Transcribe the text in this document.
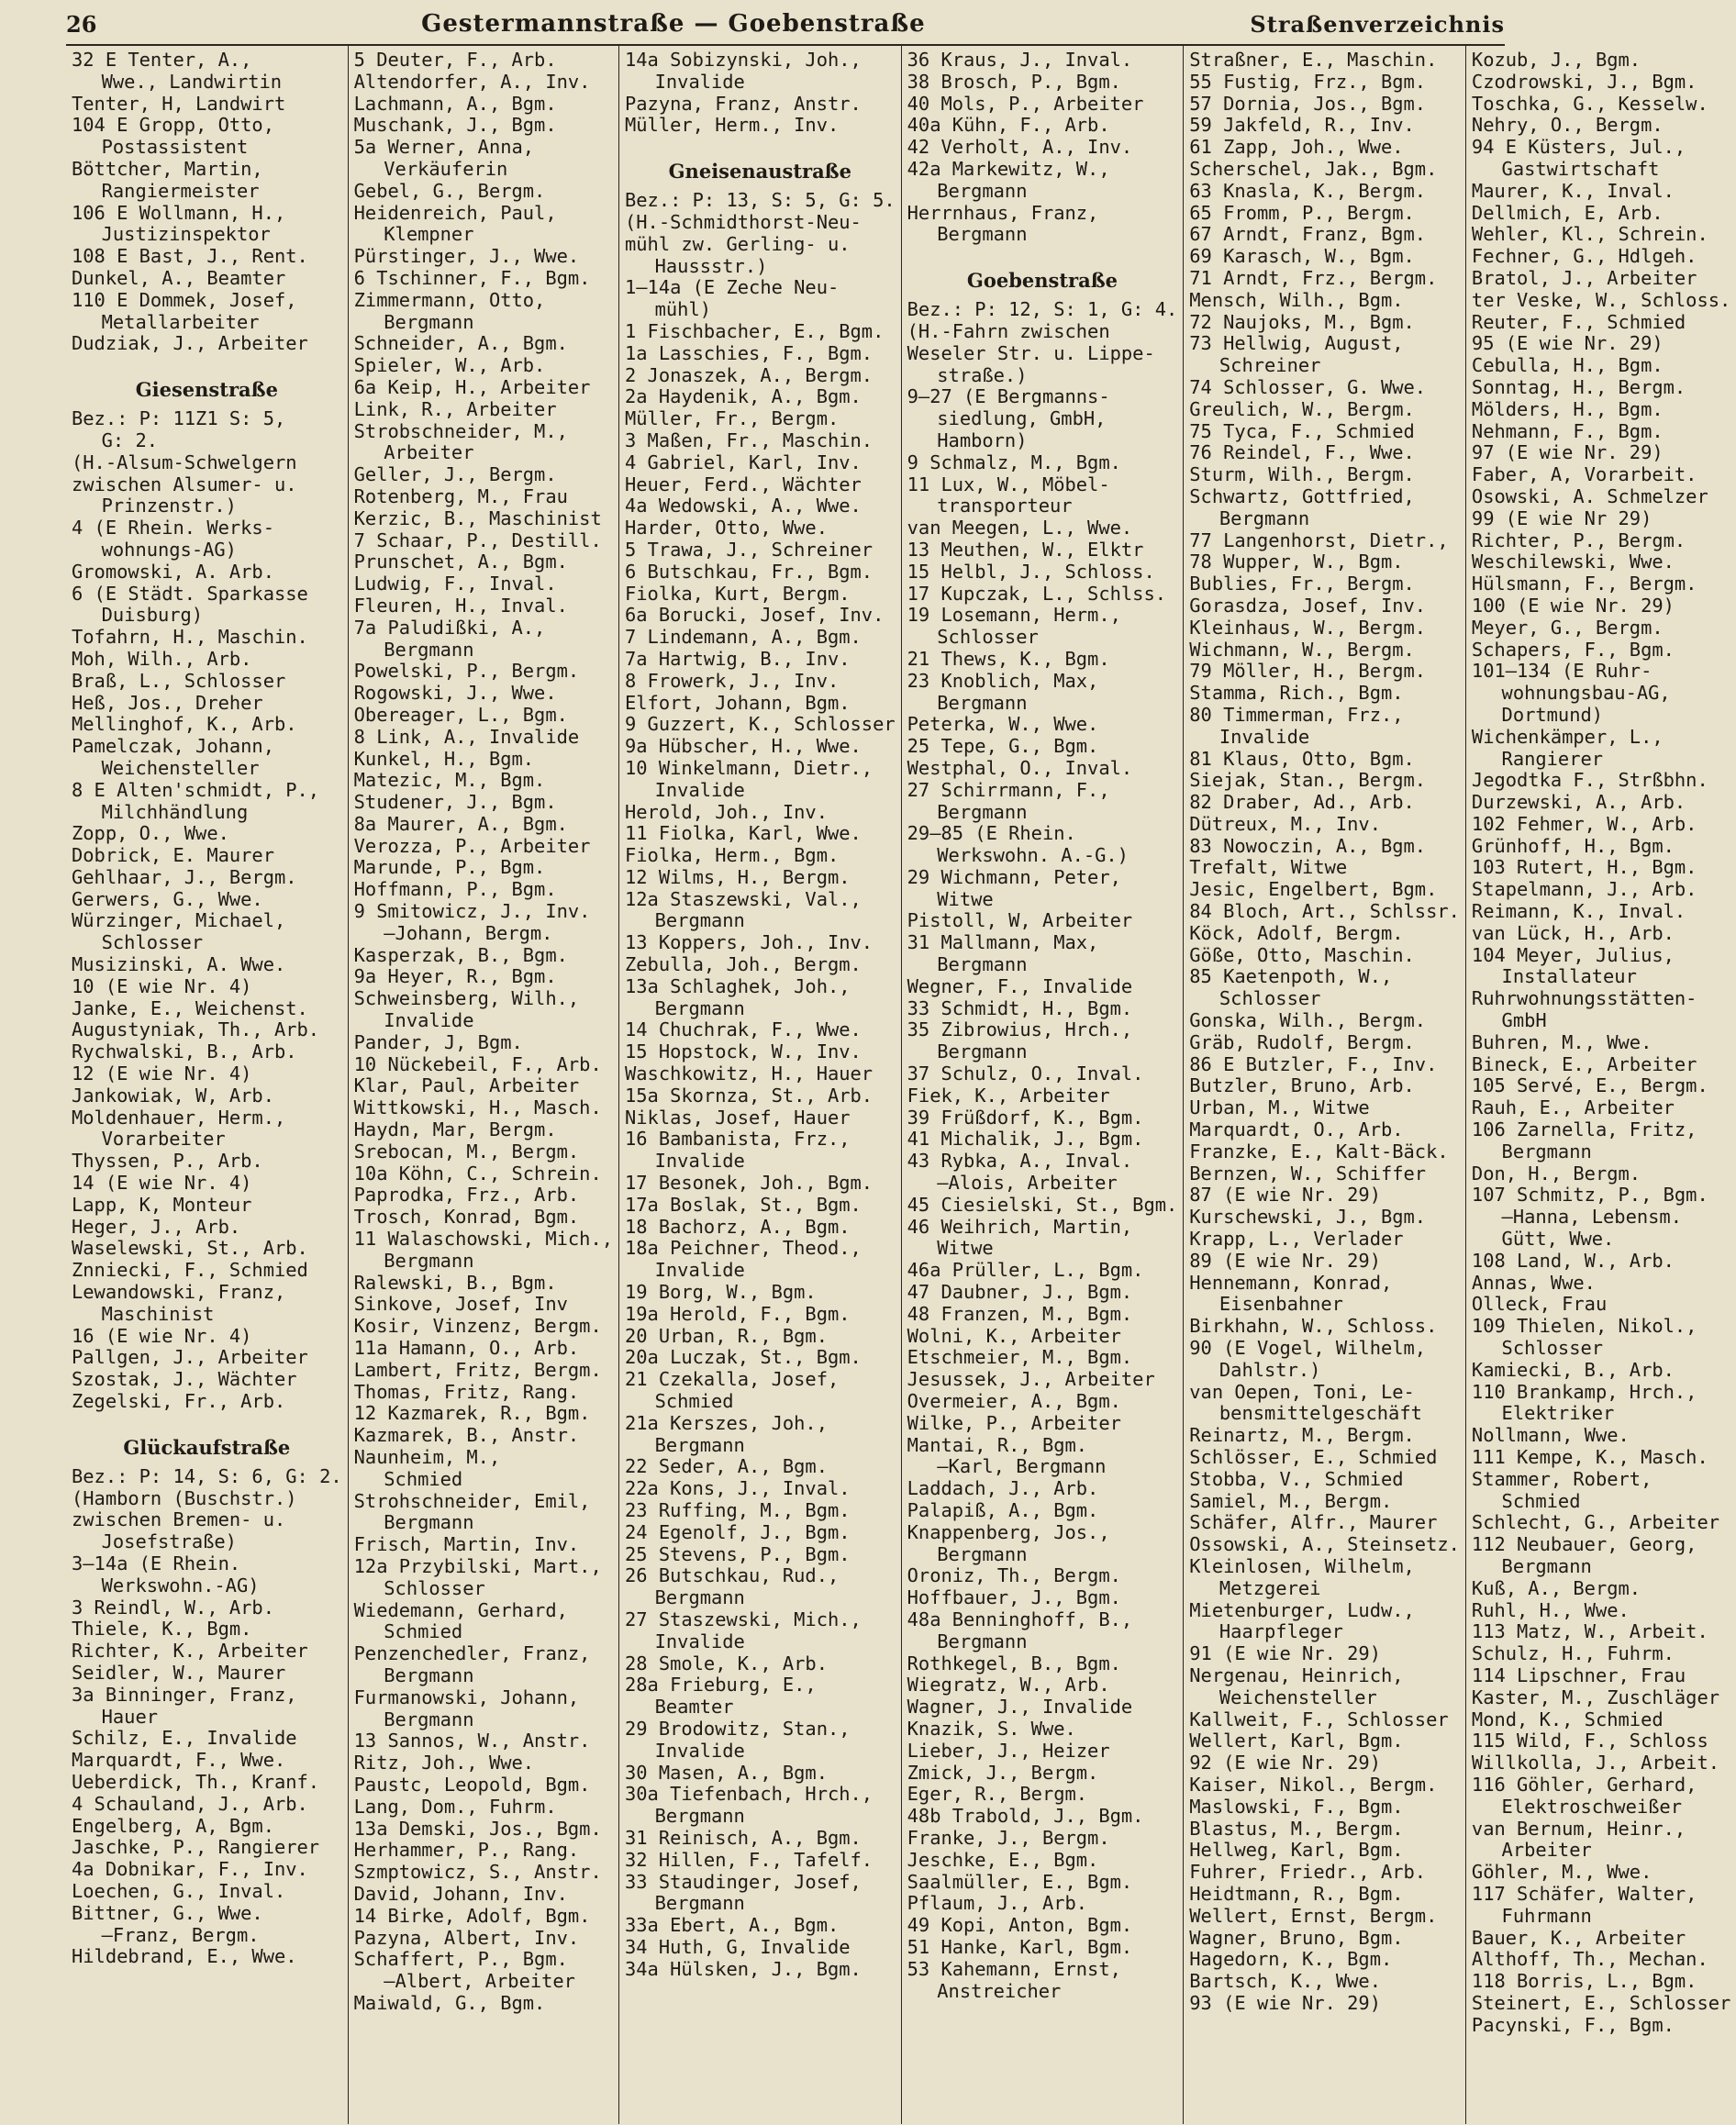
26	Gestermannstraße — Goebenstraße	Straßenverzeichnis
32 E Tenter, A.,
Wwe., Landwirtin
Tenter, H, Landwirt
104 E Gropp, Otto,
Postassistent
Böttcher, Martin,
Rangiermeister
106 E Wollmann, H.,
Justizinspektor
108 E Bast, J., Rent.
Dunkel, A., Beamter
110 E Dommek, Josef,
Metallarbeiter
Dudziak, J., Arbeiter
Giesenstraße
Bez.: P: 11Z1 S: 5,
G: 2.
(H.-Alsum-Schwelgern
zwischen Alsumer- u.
Prinzenstr.)
4 (E Rhein. Werks-
wohnungs-AG)
Gromowski, A. Arb.
6 (E Städt. Sparkasse
Duisburg)
Tofahrn, H., Maschin.
Moh, Wilh., Arb.
Braß, L., Schlosser
Heß, Jos., Dreher
Mellinghof, K., Arb.
Pamelczak, Johann,
Weichensteller
8 E Alten'schmidt, P.,
Milchhändlung
Zopp, O., Wwe.
Dobrick, E. Maurer
Gehlhaar, J., Bergm.
Gerwers, G., Wwe.
Würzinger, Michael,
Schlosser
Musizinski, A. Wwe.
10 (E wie Nr. 4)
Janke, E., Weichenst.
Augustyniak, Th., Arb.
Rychwalski, B., Arb.
12 (E wie Nr. 4)
Jankowiak, W, Arb.
Moldenhauer, Herm.,
Vorarbeiter
Thyssen, P., Arb.
14 (E wie Nr. 4)
Lapp, K, Monteur
Heger, J., Arb.
Waselewski, St., Arb.
Znniecki, F., Schmied
Lewandowski, Franz,
Maschinist
16 (E wie Nr. 4)
Pallgen, J., Arbeiter
Szostak, J., Wächter
Zegelski, Fr., Arb.
Glückaufstraße
Bez.: P: 14, S: 6, G: 2.
(Hamborn (Buschstr.)
zwischen Bremen- u.
Josefstraße)
3—14a (E Rhein.
Werkswohn.-AG)
3 Reindl, W., Arb.
Thiele, K., Bgm.
Richter, K., Arbeiter
Seidler, W., Maurer
3a Binninger, Franz,
Hauer
Schilz, E., Invalide
Marquardt, F., Wwe.
Ueberdick, Th., Kranf.
4 Schauland, J., Arb.
Engelberg, A, Bgm.
Jaschke, P., Rangierer
4a Dobnikar, F., Inv.
Loechen, G., Inval.
Bittner, G., Wwe.
—Franz, Bergm.
Hildebrand, E., Wwe.
5 Deuter, F., Arb.
Altendorfer, A., Inv.
Lachmann, A., Bgm.
Muschank, J., Bgm.
5a Werner, Anna,
Verkäuferin
Gebel, G., Bergm.
Heidenreich, Paul,
Klempner
Pürstinger, J., Wwe.
6 Tschinner, F., Bgm.
Zimmermann, Otto,
Bergmann
Schneider, A., Bgm.
Spieler, W., Arb.
6a Keip, H., Arbeiter
Link, R., Arbeiter
Strobschneider, M.,
Arbeiter
Geller, J., Bergm.
Rotenberg, M., Frau
Kerzic, B., Maschinist
7 Schaar, P., Destill.
Prunschet, A., Bgm.
Ludwig, F., Inval.
Fleuren, H., Inval.
7a Paludißki, A.,
Bergmann
Powelski, P., Bergm.
Rogowski, J., Wwe.
Obereager, L., Bgm.
8 Link, A., Invalide
Kunkel, H., Bgm.
Matezic, M., Bgm.
Studener, J., Bgm.
8a Maurer, A., Bgm.
Verozza, P., Arbeiter
Marunde, P., Bgm.
Hoffmann, P., Bgm.
9 Smitowicz, J., Inv.
—Johann, Bergm.
Kasperzak, B., Bgm.
9a Heyer, R., Bgm.
Schweinsberg, Wilh.,
Invalide
Pander, J, Bgm.
10 Nückebeil, F., Arb.
Klar, Paul, Arbeiter
Wittkowski, H., Masch.
Haydn, Mar, Bergm.
Srebocan, M., Bergm.
10a Köhn, C., Schrein.
Paprodka, Frz., Arb.
Trosch, Konrad, Bgm.
11 Walaschowski, Mich.,
Bergmann
Ralewski, B., Bgm.
Sinkove, Josef, Inv
Kosir, Vinzenz, Bergm.
11a Hamann, O., Arb.
Lambert, Fritz, Bergm.
Thomas, Fritz, Rang.
12 Kazmarek, R., Bgm.
Kazmarek, B., Anstr.
Naunheim, M.,
Schmied
Strohschneider, Emil,
Bergmann
Frisch, Martin, Inv.
12a Przybilski, Mart.,
Schlosser
Wiedemann, Gerhard,
Schmied
Penzenchedler, Franz,
Bergmann
Furmanowski, Johann,
Bergmann
13 Sannos, W., Anstr.
Ritz, Joh., Wwe.
Paustc, Leopold, Bgm.
Lang, Dom., Fuhrm.
13a Demski, Jos., Bgm.
Herhammer, P., Rang.
Szmptowicz, S., Anstr.
David, Johann, Inv.
14 Birke, Adolf, Bgm.
Pazyna, Albert, Inv.
Schaffert, P., Bgm.
—Albert, Arbeiter
Maiwald, G., Bgm.
14a Sobizynski, Joh.,
Invalide
Pazyna, Franz, Anstr.
Müller, Herm., Inv.
Gneisenaustraße
Bez.: P: 13, S: 5, G: 5.
(H.-Schmidthorst-Neu-
mühl zw. Gerling- u.
Haussstr.)
1—14a (E Zeche Neu-
mühl)
1 Fischbacher, E., Bgm.
1a Lasschies, F., Bgm.
2 Jonaszek, A., Bergm.
2a Haydenik, A., Bgm.
Müller, Fr., Bergm.
3 Maßen, Fr., Maschin.
4 Gabriel, Karl, Inv.
Heuer, Ferd., Wächter
4a Wedowski, A., Wwe.
Harder, Otto, Wwe.
5 Trawa, J., Schreiner
6 Butschkau, Fr., Bgm.
Fiolka, Kurt, Bergm.
6a Borucki, Josef, Inv.
7 Lindemann, A., Bgm.
7a Hartwig, B., Inv.
8 Frowerk, J., Inv.
Elfort, Johann, Bgm.
9 Guzzert, K., Schlosser
9a Hübscher, H., Wwe.
10 Winkelmann, Dietr.,
Invalide
Herold, Joh., Inv.
11 Fiolka, Karl, Wwe.
Fiolka, Herm., Bgm.
12 Wilms, H., Bergm.
12a Staszewski, Val.,
Bergmann
13 Koppers, Joh., Inv.
Zebulla, Joh., Bergm.
13a Schlaghek, Joh.,
Bergmann
14 Chuchrak, F., Wwe.
15 Hopstock, W., Inv.
Waschkowitz, H., Hauer
15a Skornza, St., Arb.
Niklas, Josef, Hauer
16 Bambanista, Frz.,
Invalide
17 Besonek, Joh., Bgm.
17a Boslak, St., Bgm.
18 Bachorz, A., Bgm.
18a Peichner, Theod.,
Invalide
19 Borg, W., Bgm.
19a Herold, F., Bgm.
20 Urban, R., Bgm.
20a Luczak, St., Bgm.
21 Czekalla, Josef,
Schmied
21a Kerszes, Joh.,
Bergmann
22 Seder, A., Bgm.
22a Kons, J., Inval.
23 Ruffing, M., Bgm.
24 Egenolf, J., Bgm.
25 Stevens, P., Bgm.
26 Butschkau, Rud.,
Bergmann
27 Staszewski, Mich.,
Invalide
28 Smole, K., Arb.
28a Frieburg, E.,
Beamter
29 Brodowitz, Stan.,
Invalide
30 Masen, A., Bgm.
30a Tiefenbach, Hrch.,
Bergmann
31 Reinisch, A., Bgm.
32 Hillen, F., Tafelf.
33 Staudinger, Josef,
Bergmann
33a Ebert, A., Bgm.
34 Huth, G, Invalide
34a Hülsken, J., Bgm.
36 Kraus, J., Inval.
38 Brosch, P., Bgm.
40 Mols, P., Arbeiter
40a Kühn, F., Arb.
42 Verholt, A., Inv.
42a Markewitz, W.,
Bergmann
Herrnhaus, Franz,
Bergmann
Goebenstraße
Bez.: P: 12, S: 1, G: 4.
(H.-Fahrn zwischen
Weseler Str. u. Lippe-
straße.)
9—27 (E Bergmanns-
siedlung, GmbH,
Hamborn)
9 Schmalz, M., Bgm.
11 Lux, W., Möbel-
transporteur
van Meegen, L., Wwe.
13 Meuthen, W., Elktr
15 Helbl, J., Schloss.
17 Kupczak, L., Schlss.
19 Losemann, Herm.,
Schlosser
21 Thews, K., Bgm.
23 Knoblich, Max,
Bergmann
Peterka, W., Wwe.
25 Tepe, G., Bgm.
Westphal, O., Inval.
27 Schirrmann, F.,
Bergmann
29—85 (E Rhein.
Werkswohn. A.-G.)
29 Wichmann, Peter,
Witwe
Pistoll, W, Arbeiter
31 Mallmann, Max,
Bergmann
Wegner, F., Invalide
33 Schmidt, H., Bgm.
35 Zibrowius, Hrch.,
Bergmann
37 Schulz, O., Inval.
Fiek, K., Arbeiter
39 Früßdorf, K., Bgm.
41 Michalik, J., Bgm.
43 Rybka, A., Inval.
—Alois, Arbeiter
45 Ciesielski, St., Bgm.
46 Weihrich, Martin,
Witwe
46a Prüller, L., Bgm.
47 Daubner, J., Bgm.
48 Franzen, M., Bgm.
Wolni, K., Arbeiter
Etschmeier, M., Bgm.
Jesussek, J., Arbeiter
Overmeier, A., Bgm.
Wilke, P., Arbeiter
Mantai, R., Bgm.
—Karl, Bergmann
Laddach, J., Arb.
Palapiß, A., Bgm.
Knappenberg, Jos.,
Bergmann
Oroniz, Th., Bergm.
Hoffbauer, J., Bgm.
48a Benninghoff, B.,
Bergmann
Rothkegel, B., Bgm.
Wiegratz, W., Arb.
Wagner, J., Invalide
Knazik, S. Wwe.
Lieber, J., Heizer
Zmick, J., Bergm.
Eger, R., Bergm.
48b Trabold, J., Bgm.
Franke, J., Bergm.
Jeschke, E., Bgm.
Saalmüller, E., Bgm.
Pflaum, J., Arb.
49 Kopi, Anton, Bgm.
51 Hanke, Karl, Bgm.
53 Kahemann, Ernst,
Anstreicher
Straßner, E., Maschin.
55 Fustig, Frz., Bgm.
57 Dornia, Jos., Bgm.
59 Jakfeld, R., Inv.
61 Zapp, Joh., Wwe.
Scherschel, Jak., Bgm.
63 Knasla, K., Bergm.
65 Fromm, P., Bergm.
67 Arndt, Franz, Bgm.
69 Karasch, W., Bgm.
71 Arndt, Frz., Bergm.
Mensch, Wilh., Bgm.
72 Naujoks, M., Bgm.
73 Hellwig, August,
Schreiner
74 Schlosser, G. Wwe.
Greulich, W., Bergm.
75 Tyca, F., Schmied
76 Reindel, F., Wwe.
Sturm, Wilh., Bergm.
Schwartz, Gottfried,
Bergmann
77 Langenhorst, Dietr.,
78 Wupper, W., Bgm.
Bublies, Fr., Bergm.
Gorasdza, Josef, Inv.
Kleinhaus, W., Bergm.
Wichmann, W., Bergm.
79 Möller, H., Bergm.
Stamma, Rich., Bgm.
80 Timmerman, Frz.,
Invalide
81 Klaus, Otto, Bgm.
Siejak, Stan., Bergm.
82 Draber, Ad., Arb.
Dütreux, M., Inv.
83 Nowoczin, A., Bgm.
Trefalt, Witwe
Jesic, Engelbert, Bgm.
84 Bloch, Art., Schlssr.
Köck, Adolf, Bergm.
Göße, Otto, Maschin.
85 Kaetenpoth, W.,
Schlosser
Gonska, Wilh., Bergm.
Gräb, Rudolf, Bergm.
86 E Butzler, F., Inv.
Butzler, Bruno, Arb.
Urban, M., Witwe
Marquardt, O., Arb.
Franzke, E., Kalt-Bäck.
Bernzen, W., Schiffer
87 (E wie Nr. 29)
Kurschewski, J., Bgm.
Krapp, L., Verlader
89 (E wie Nr. 29)
Hennemann, Konrad,
Eisenbahner
Birkhahn, W., Schloss.
90 (E Vogel, Wilhelm,
Dahlstr.)
van Oepen, Toni, Le-
bensmittelgeschäft
Reinartz, M., Bergm.
Schlösser, E., Schmied
Stobba, V., Schmied
Samiel, M., Bergm.
Schäfer, Alfr., Maurer
Ossowski, A., Steinsetz.
Kleinlosen, Wilhelm,
Metzgerei
Mietenburger, Ludw.,
Haarpfleger
91 (E wie Nr. 29)
Nergenau, Heinrich,
Weichensteller
Kallweit, F., Schlosser
Wellert, Karl, Bgm.
92 (E wie Nr. 29)
Kaiser, Nikol., Bergm.
Maslowski, F., Bgm.
Blastus, M., Bergm.
Hellweg, Karl, Bgm.
Fuhrer, Friedr., Arb.
Heidtmann, R., Bgm.
Wellert, Ernst, Bergm.
Wagner, Bruno, Bgm.
Hagedorn, K., Bgm.
Bartsch, K., Wwe.
93 (E wie Nr. 29)
Kozub, J., Bgm.
Czodrowski, J., Bgm.
Toschka, G., Kesselw.
Nehry, O., Bergm.
94 E Küsters, Jul.,
Gastwirtschaft
Maurer, K., Inval.
Dellmich, E, Arb.
Wehler, Kl., Schrein.
Fechner, G., Hdlgeh.
Bratol, J., Arbeiter
ter Veske, W., Schloss.
Reuter, F., Schmied
95 (E wie Nr. 29)
Cebulla, H., Bgm.
Sonntag, H., Bergm.
Mölders, H., Bgm.
Nehmann, F., Bgm.
97 (E wie Nr. 29)
Faber, A, Vorarbeit.
Osowski, A. Schmelzer
99 (E wie Nr 29)
Richter, P., Bergm.
Weschilewski, Wwe.
Hülsmann, F., Bergm.
100 (E wie Nr. 29)
Meyer, G., Bergm.
Schapers, F., Bgm.
101—134 (E Ruhr-
wohnungsbau-AG,
Dortmund)
Wichenkämper, L.,
Rangierer
Jegodtka F., Strßbhn.
Durzewski, A., Arb.
102 Fehmer, W., Arb.
Grünhoff, H., Bgm.
103 Rutert, H., Bgm.
Stapelmann, J., Arb.
Reimann, K., Inval.
van Lück, H., Arb.
104 Meyer, Julius,
Installateur
Ruhrwohnungsstätten-
GmbH
Buhren, M., Wwe.
Bineck, E., Arbeiter
105 Servé, E., Bergm.
Rauh, E., Arbeiter
106 Zarnella, Fritz,
Bergmann
Don, H., Bergm.
107 Schmitz, P., Bgm.
—Hanna, Lebensm.
Gütt, Wwe.
108 Land, W., Arb.
Annas, Wwe.
Olleck, Frau
109 Thielen, Nikol.,
Schlosser
Kamiecki, B., Arb.
110 Brankamp, Hrch.,
Elektriker
Nollmann, Wwe.
111 Kempe, K., Masch.
Stammer, Robert,
Schmied
Schlecht, G., Arbeiter
112 Neubauer, Georg,
Bergmann
Kuß, A., Bergm.
Ruhl, H., Wwe.
113 Matz, W., Arbeit.
Schulz, H., Fuhrm.
114 Lipschner, Frau
Kaster, M., Zuschläger
Mond, K., Schmied
115 Wild, F., Schloss
Willkolla, J., Arbeit.
116 Göhler, Gerhard,
Elektroschweißer
van Bernum, Heinr.,
Arbeiter
Göhler, M., Wwe.
117 Schäfer, Walter,
Fuhrmann
Bauer, K., Arbeiter
Althoff, Th., Mechan.
118 Borris, L., Bgm.
Steinert, E., Schlosser
Pacynski, F., Bgm.
